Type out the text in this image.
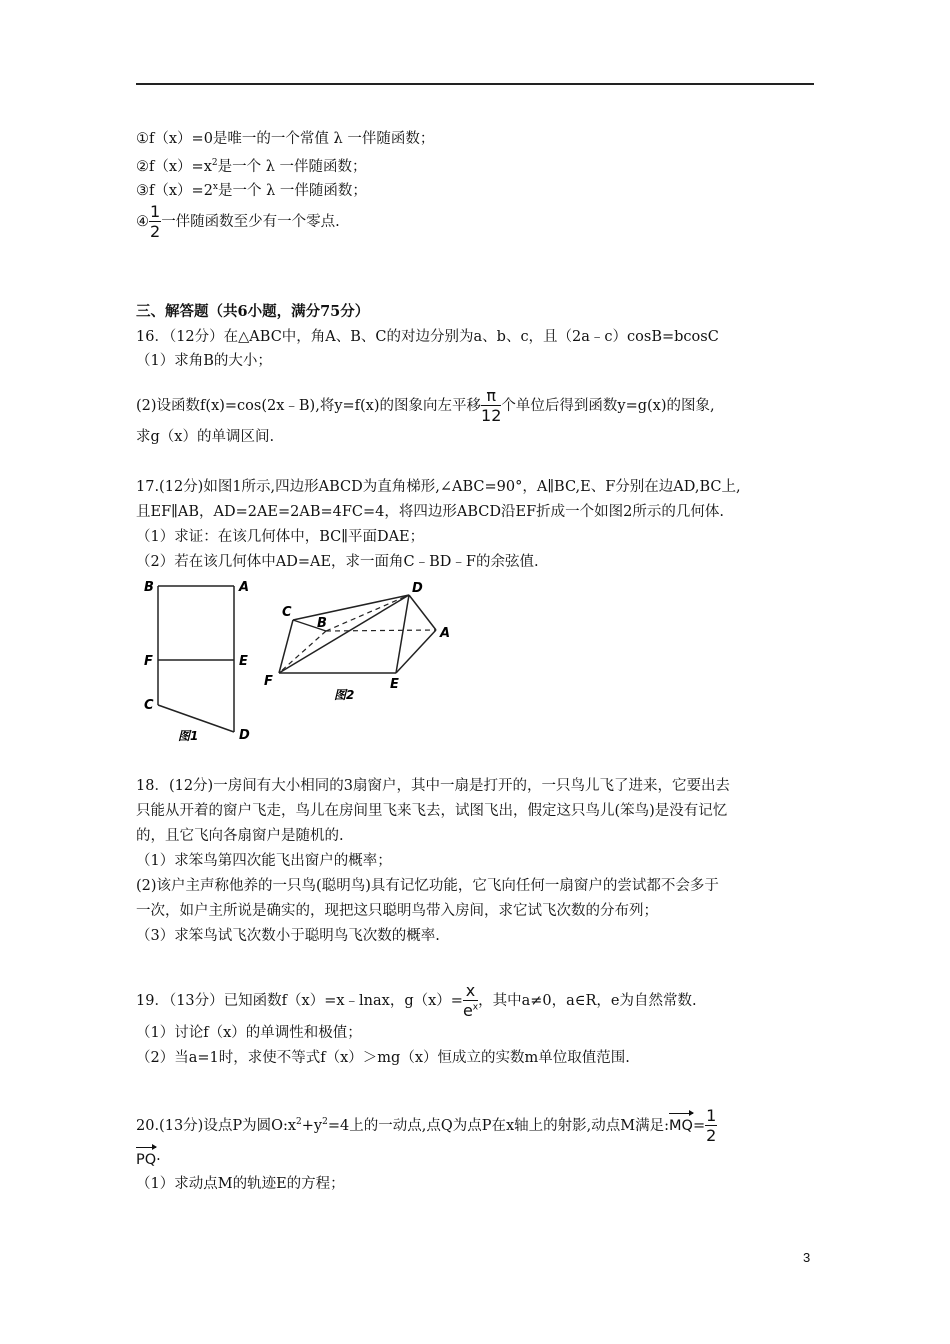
①f（x）=0是唯一的一个常值 λ 一伴随函数；
$②f(x)=x^2$是一个 λ 一伴随函数；
$③f(x)=2^x$是一个 λ 一伴随函数；
④ $\frac{1}{2}$ 一伴随函数至少有一个零点.
三、解答题（共6小题，满分75分）
16．（12分）在△ABC中，角A、B、C的对边分别为a、b、c，且（2a﹣c）cosB=bcosC
（1）求角B的大小；
(2)设函数f(x)=cos(2x﹣B),将y=f(x)的图象向左平移 $\frac{\pi}{12}$ 个单位后得到函数y=g(x)的图象,
求g（x）的单调区间.
17.(12分)如图1所示,四边形ABCD为直角梯形,∠ABC=90°，A∥BC,E、F分别在边AD,BC上,
且EF∥AB，AD=2AE=2AB=4FC=4，将四边形ABCD沿EF折成一个如图2所示的几何体.
（1）求证：在该几何体中，BC∥平面DAE；
（2）若在该几何体中AD=AE，求一面角C﹣BD﹣F的余弦值.
B	A
F	E
C
D
图1
C
B
D
A
F	E
图2
18．(12分)一房间有大小相同的3扇窗户，其中一扇是打开的，一只鸟儿飞了进来，它要出去
只能从开着的窗户飞走，鸟儿在房间里飞来飞去，试图飞出，假定这只鸟儿(笨鸟)是没有记忆
的，且它飞向各扇窗户是随机的.
（1）求笨鸟第四次能飞出窗户的概率；
(2)该户主声称他养的一只鸟(聪明鸟)具有记忆功能，它飞向任何一扇窗户的尝试都不会多于
一次，如户主所说是确实的，现把这只聪明鸟带入房间，求它试飞次数的分布列；
（3）求笨鸟试飞次数小于聪明鸟飞次数的概率.
19．（13分）已知函数f（x）=x﹣lnax，$g(x)= \frac{x}{e^x}$ ，其中a≠0，a∈R，e为自然常数.
（1）讨论f（x）的单调性和极值；
（2）当a=1时，求使不等式f（x）＞mg（x）恒成立的实数m单位取值范围.
20.(13分)设点P为圆$O:x^2+y^2=4$上的一动点,点Q为点P在x轴上的射影,动点M满足:MQ= $\frac{1}{2}$
PQ·
（1）求动点M的轨迹E的方程；
3
